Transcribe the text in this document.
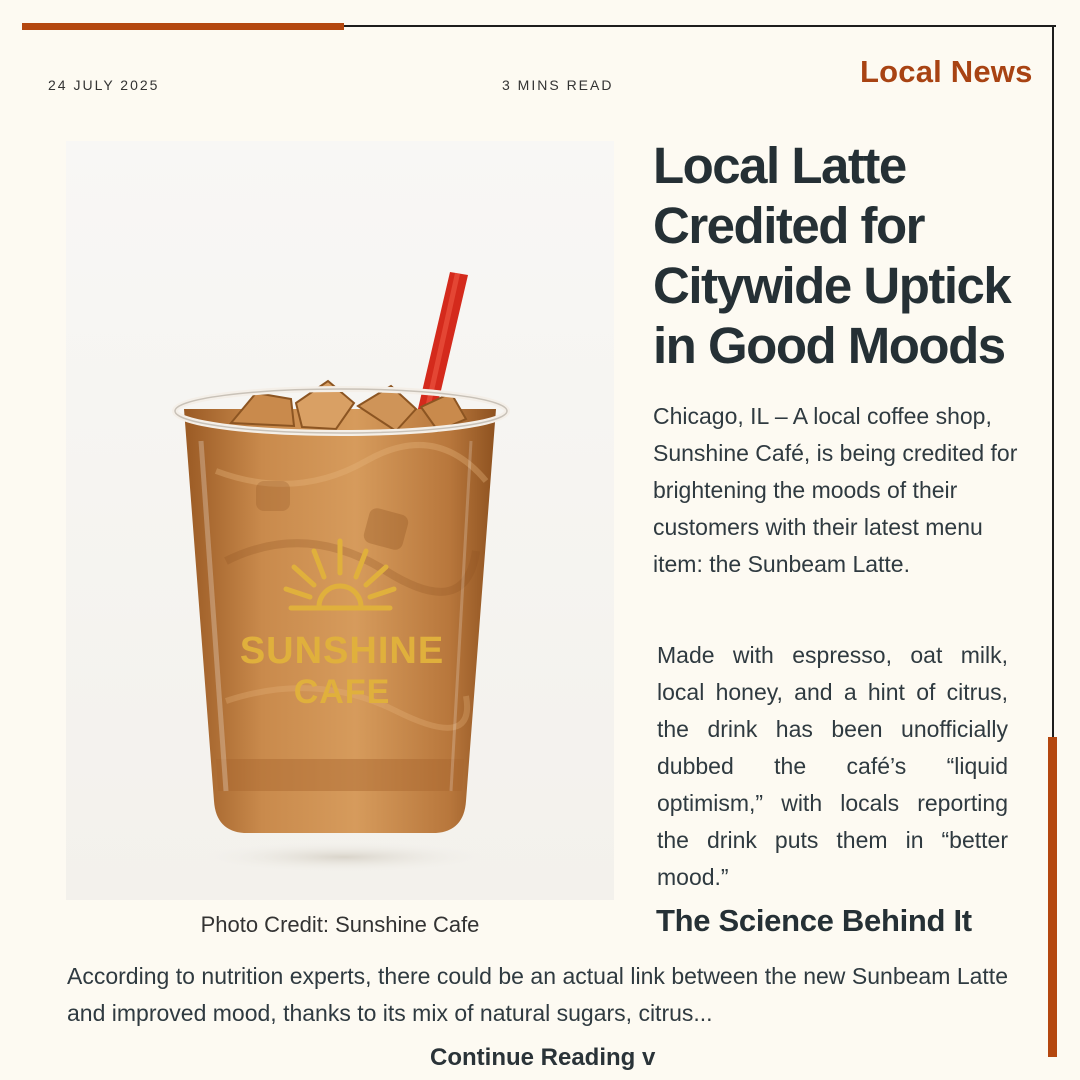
24 JULY 2025	3 MINS READ	Local News
SUNSHINE
CAFE
Photo Credit: Sunshine Cafe
Local Latte Credited for Citywide Uptick in Good Moods

Chicago, IL – A local coffee shop, Sunshine Café, is being credited for brightening the moods of their customers with their latest menu item: the Sunbeam Latte.

Made with espresso, oat milk, local honey, and a hint of citrus, the drink has been unofficially dubbed the café’s “liquid optimism,” with locals reporting the drink puts them in “better mood.”

The Science Behind It

According to nutrition experts, there could be an actual link between the new Sunbeam Latte and improved mood, thanks to its mix of natural sugars, citrus...

Continue Reading v
